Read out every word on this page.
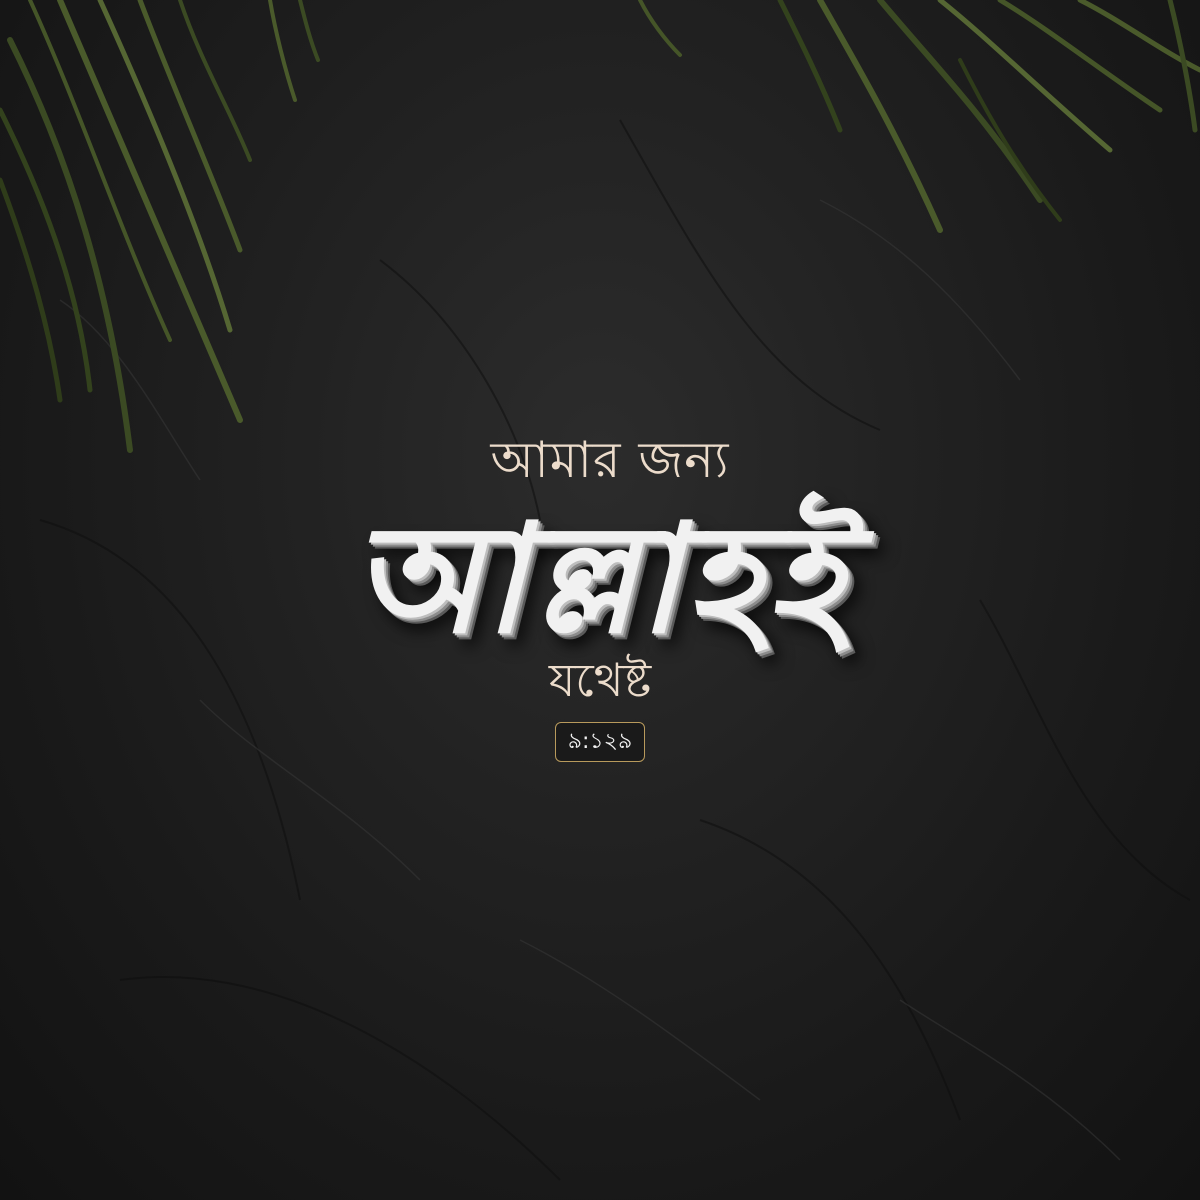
আমার জন্য
আল্লাহই
যথেষ্ট
৯:১২৯
